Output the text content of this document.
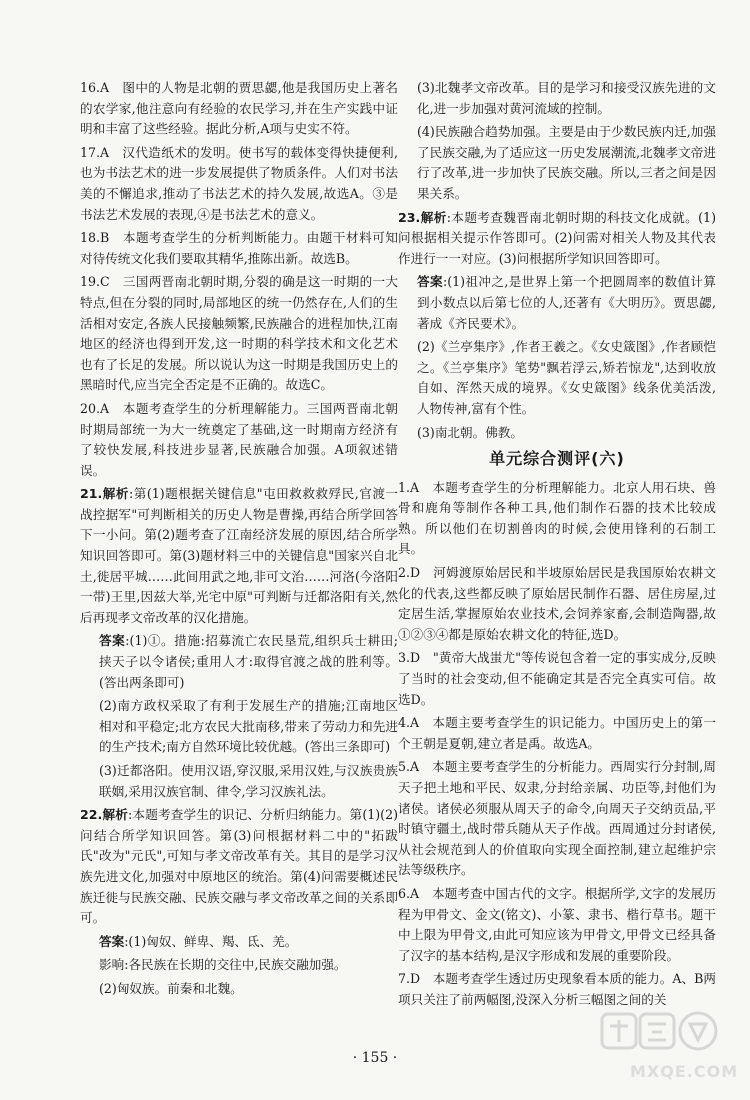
16.A　图中的人物是北朝的贾思勰,他是我国历史上著名的农学家,他注意向有经验的农民学习,并在生产实践中证明和丰富了这些经验。据此分析,A项与史实不符。
17.A　汉代造纸术的发明。使书写的载体变得快捷便利,也为书法艺术的进一步发展提供了物质条件。人们对书法美的不懈追求,推动了书法艺术的持久发展,故选A。③是书法艺术发展的表现,④是书法艺术的意义。
18.B　本题考查学生的分析判断能力。由题干材料可知对待传统文化我们要取其精华,推陈出新。故选B。
19.C　三国两晋南北朝时期,分裂的确是这一时期的一大特点,但在分裂的同时,局部地区的统一仍然存在,人们的生活相对安定,各族人民接触频繁,民族融合的进程加快,江南地区的经济也得到开发,这一时期的科学技术和文化艺术也有了长足的发展。所以说认为这一时期是我国历史上的黑暗时代,应当完全否定是不正确的。故选C。
20.A　本题考查学生的分析理解能力。三国两晋南北朝时期局部统一为大一统奠定了基础,这一时期南方经济有了较快发展,科技进步显著,民族融合加强。A项叙述错误。
21.解析:第(1)题根据关键信息"屯田救救救殍民,官渡一战控据军"可判断相关的历史人物是曹操,再结合所学回答下一小问。第(2)题考查了江南经济发展的原因,结合所学知识回答即可。第(3)题材料三中的关键信息"国家兴自北土,徙居平城……此间用武之地,非可文治……河洛(今洛阳一带)王里,因兹大举,光宅中原"可判断与迁都洛阳有关,然后再现孝文帝改革的汉化措施。
答案:(1)①。措施:招募流亡农民垦荒,组织兵士耕田;挟天子以令诸侯;重用人才:取得官渡之战的胜利等。(答出两条即可)
(2)南方政权采取了有利于发展生产的措施;江南地区相对和平稳定;北方农民大批南移,带来了劳动力和先进的生产技术;南方自然环境比较优越。(答出三条即可)
(3)迁都洛阳。使用汉语,穿汉服,采用汉姓,与汉族贵族联姻,采用汉族官制、律令,学习汉族礼法。
22.解析:本题考查学生的识记、分析归纳能力。第(1)(2)问结合所学知识回答。第(3)问根据材料二中的"拓跋氏"改为"元氏",可知与孝文帝改革有关。其目的是学习汉族先进文化,加强对中原地区的统治。第(4)问需要概述民族迁徙与民族交融、民族交融与孝文帝改革之间的关系即可。
答案:(1)匈奴、鲜卑、羯、氐、羌。
影响:各民族在长期的交往中,民族交融加强。
(2)匈奴族。前秦和北魏。
(3)北魏孝文帝改革。目的是学习和接受汉族先进的文化,进一步加强对黄河流域的控制。
(4)民族融合趋势加强。主要是由于少数民族内迁,加强了民族交融,为了适应这一历史发展潮流,北魏孝文帝进行了改革,进一步加快了民族交融。所以,三者之间是因果关系。
23.解析:本题考查魏晋南北朝时期的科技文化成就。(1)问根据相关提示作答即可。(2)问需对相关人物及其代表作进行一一对应。(3)问根据所学知识回答即可。
答案:(1)祖冲之,是世界上第一个把圆周率的数值计算到小数点以后第七位的人,还著有《大明历》。贾思勰,著成《齐民要术》。
(2)《兰亭集序》,作者王羲之。《女史箴图》,作者顾恺之。《兰亭集序》笔势"飘若浮云,矫若惊龙",达到收放自如、浑然天成的境界。《女史箴图》线条优美活泼,人物传神,富有个性。
(3)南北朝。佛教。
单元综合测评(六)
1.A　本题考查学生的分析理解能力。北京人用石块、兽骨和鹿角等制作各种工具,他们制作石器的技术比较成熟。所以他们在切割兽肉的时候,会使用锋利的石制工具。
2.D　河姆渡原始居民和半坡原始居民是我国原始农耕文化的代表,这些都反映了原始居民制作石器、居住房屋,过定居生活,掌握原始农业技术,会饲养家畜,会制造陶器,故①②③④都是原始农耕文化的特征,选D。
3.D　"黄帝大战蚩尤"等传说包含着一定的事实成分,反映了当时的社会变动,但不能确定其是否完全真实可信。故选D。
4.A　本题主要考查学生的识记能力。中国历史上的第一个王朝是夏朝,建立者是禹。故选A。
5.A　本题主要考查学生的分析能力。西周实行分封制,周天子把土地和平民、奴隶,分封给亲属、功臣等,封他们为诸侯。诸侯必须服从周天子的命令,向周天子交纳贡品,平时镇守疆土,战时带兵随从天子作战。西周通过分封诸侯,从社会规范到人的价值取向实现全面控制,建立起维护宗法等级秩序。
6.A　本题考查中国古代的文字。根据所学,文字的发展历程为甲骨文、金文(铭文)、小篆、隶书、楷行草书。题干中上限为甲骨文,由此可知应该为甲骨文,甲骨文已经具备了汉字的基本结构,是汉字形成和发展的重要阶段。
7.D　本题考查学生透过历史现象看本质的能力。A、B两项只关注了前两幅图,没深入分析三幅图之间的关
· 155 ·
MXQE.COM
